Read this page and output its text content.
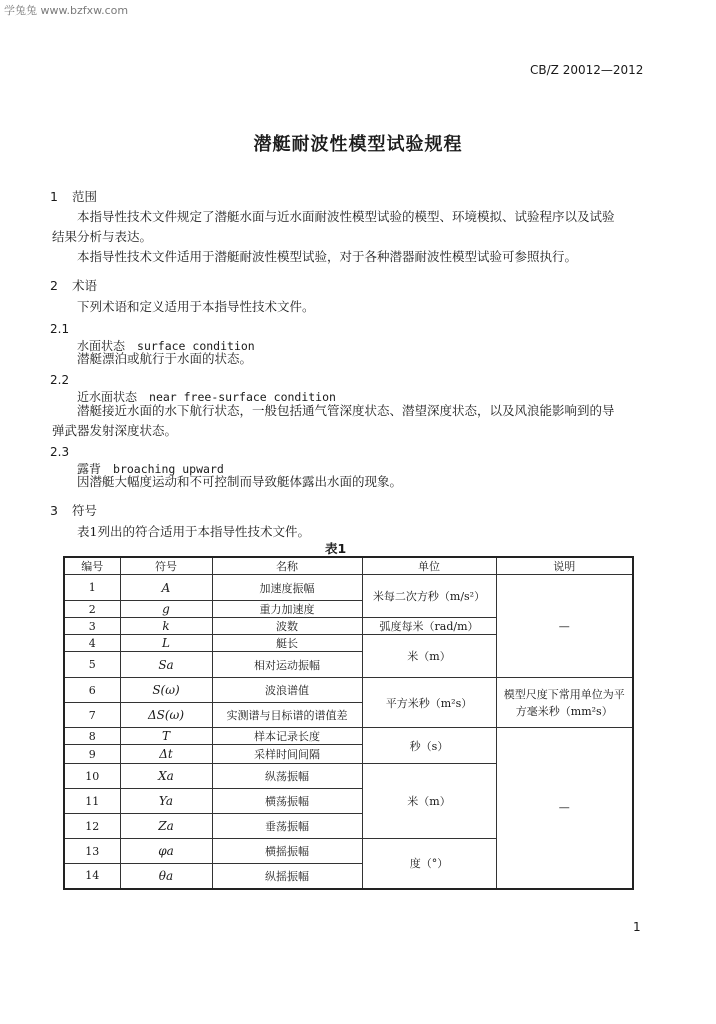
学兔兔 www.bzfxw.com
CB/Z 20012—2012
潜艇耐波性模型试验规程
1 范围
本指导性技术文件规定了潜艇水面与近水面耐波性模型试验的模型、环境模拟、试验程序以及试验
结果分析与表达。
本指导性技术文件适用于潜艇耐波性模型试验，对于各种潜器耐波性模型试验可参照执行。
2 术语
下列术语和定义适用于本指导性技术文件。
2.1
水面状态 surface condition
潜艇漂泊或航行于水面的状态。
2.2
近水面状态 near free-surface condition
潜艇接近水面的水下航行状态，一般包括通气管深度状态、潜望深度状态，以及风浪能影响到的导
弹武器发射深度状态。
2.3
露背 broaching upward
因潜艇大幅度运动和不可控制而导致艇体露出水面的现象。
3 符号
表1列出的符合适用于本指导性技术文件。
表1
编号	符号	名称	单位	说明
1	A	加速度振幅	米每二次方秒（m/s²）	—
2	g	重力加速度		
3	k	波数	弧度每米（rad/m）	
4	L	艇长	米（m）	
5	Sa	相对运动振幅		
6	S(ω)	波浪谱值	平方米秒（m²s）	模型尺度下常用单位为平方毫米秒（mm²s）
7	ΔS(ω)	实测谱与目标谱的谱值差		
8	T	样本记录长度	秒（s）	—
9	Δt	采样时间间隔		
10	Xa	纵荡振幅	米（m）	
11	Ya	横荡振幅		
12	Za	垂荡振幅		
13	φa	横摇振幅	度（°）	
14	θa	纵摇振幅		
1
